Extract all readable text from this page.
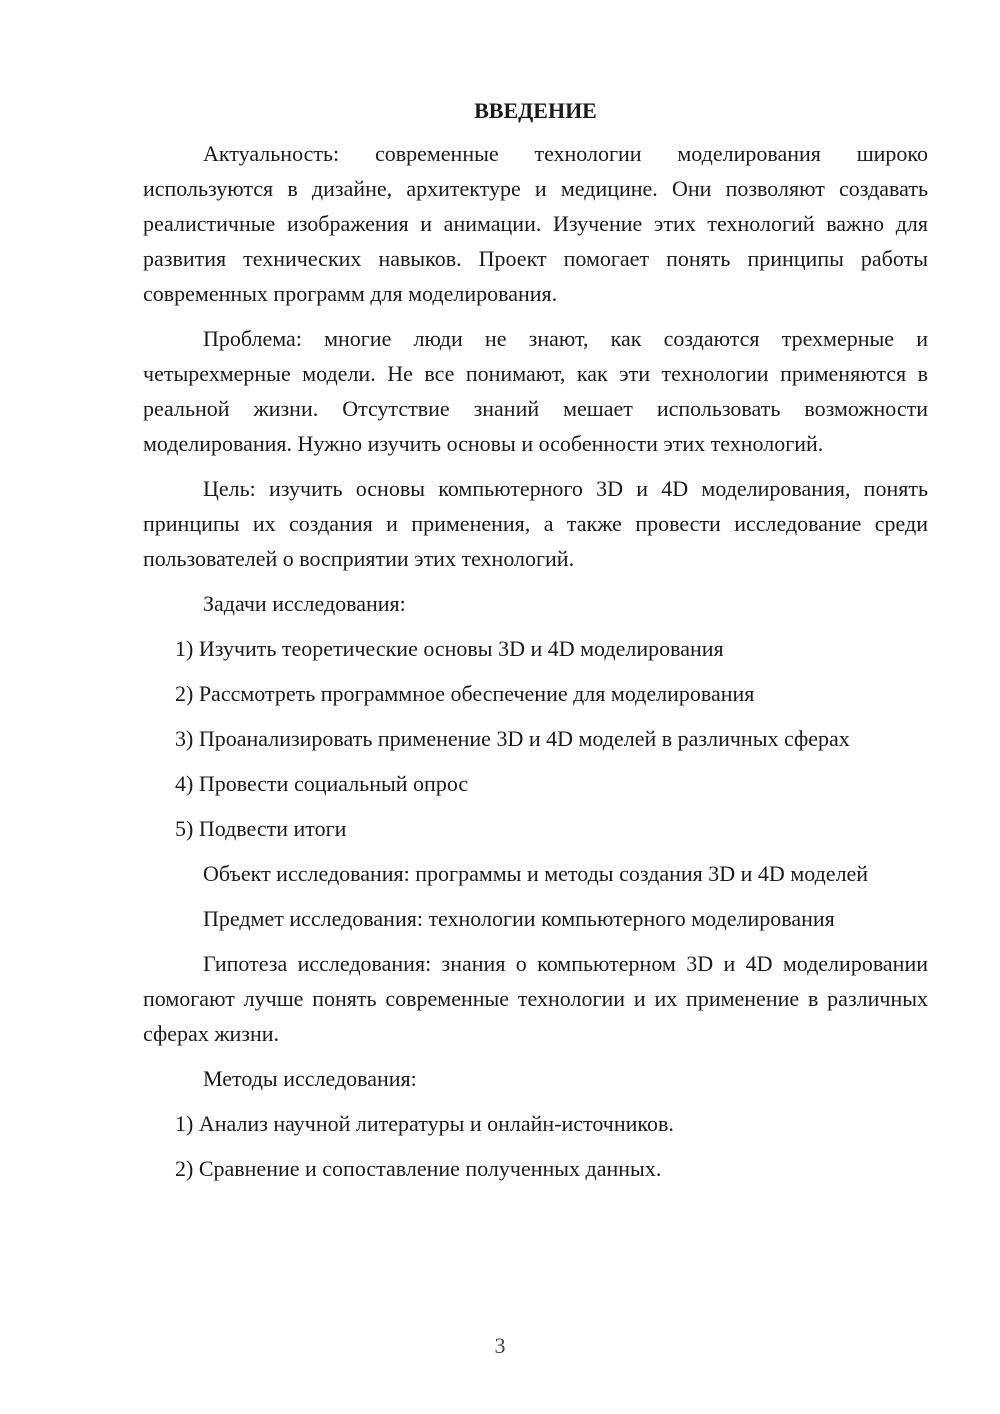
ВВЕДЕНИЕ

Актуальность: современные технологии моделирования широко используются в дизайне, архитектуре и медицине. Они позволяют создавать реалистичные изображения и анимации. Изучение этих технологий важно для развития технических навыков. Проект помогает понять принципы работы современных программ для моделирования.

Проблема: многие люди не знают, как создаются трехмерные и четырехмерные модели. Не все понимают, как эти технологии применяются в реальной жизни. Отсутствие знаний мешает использовать возможности моделирования. Нужно изучить основы и особенности этих технологий.

Цель: изучить основы компьютерного 3D и 4D моделирования, понять принципы их создания и применения, а также провести исследование среди пользователей о восприятии этих технологий.

Задачи исследования:

1) Изучить теоретические основы 3D и 4D моделирования

2) Рассмотреть программное обеспечение для моделирования

3) Проанализировать применение 3D и 4D моделей в различных сферах

4) Провести социальный опрос

5) Подвести итоги

Объект исследования: программы и методы создания 3D и 4D моделей

Предмет исследования: технологии компьютерного моделирования

Гипотеза исследования: знания о компьютерном 3D и 4D моделировании помогают лучше понять современные технологии и их применение в различных сферах жизни.

Методы исследования:

1) Анализ научной литературы и онлайн-источников.

2) Сравнение и сопоставление полученных данных.

3
